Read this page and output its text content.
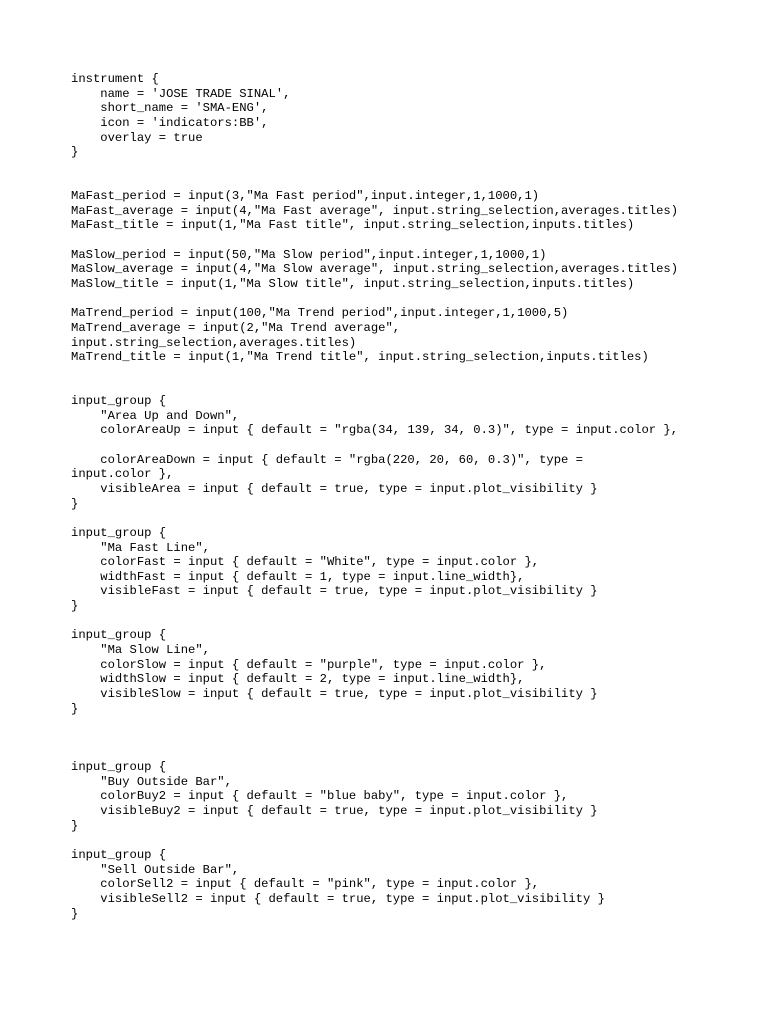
instrument {
name = 'JOSE TRADE SINAL',
short_name = 'SMA-ENG',
icon = 'indicators:BB',
overlay = true
}
MaFast_period = input(3,"Ma Fast period",input.integer,1,1000,1)
MaFast_average = input(4,"Ma Fast average", input.string_selection,averages.titles)
MaFast_title = input(1,"Ma Fast title", input.string_selection,inputs.titles)
MaSlow_period = input(50,"Ma Slow period",input.integer,1,1000,1)
MaSlow_average = input(4,"Ma Slow average", input.string_selection,averages.titles)
MaSlow_title = input(1,"Ma Slow title", input.string_selection,inputs.titles)
MaTrend_period = input(100,"Ma Trend period",input.integer,1,1000,5)
MaTrend_average = input(2,"Ma Trend average",
input.string_selection,averages.titles)
MaTrend_title = input(1,"Ma Trend title", input.string_selection,inputs.titles)
input_group {
"Area Up and Down",
colorAreaUp = input { default = "rgba(34, 139, 34, 0.3)", type = input.color },
colorAreaDown = input { default = "rgba(220, 20, 60, 0.3)", type =
input.color },
visibleArea = input { default = true, type = input.plot_visibility }
}
input_group {
"Ma Fast Line",
colorFast = input { default = "White", type = input.color },
widthFast = input { default = 1, type = input.line_width},
visibleFast = input { default = true, type = input.plot_visibility }
}
input_group {
"Ma Slow Line",
colorSlow = input { default = "purple", type = input.color },
widthSlow = input { default = 2, type = input.line_width},
visibleSlow = input { default = true, type = input.plot_visibility }
}
input_group {
"Buy Outside Bar",
colorBuy2 = input { default = "blue baby", type = input.color },
visibleBuy2 = input { default = true, type = input.plot_visibility }
}
input_group {
"Sell Outside Bar",
colorSell2 = input { default = "pink", type = input.color },
visibleSell2 = input { default = true, type = input.plot_visibility }
}
